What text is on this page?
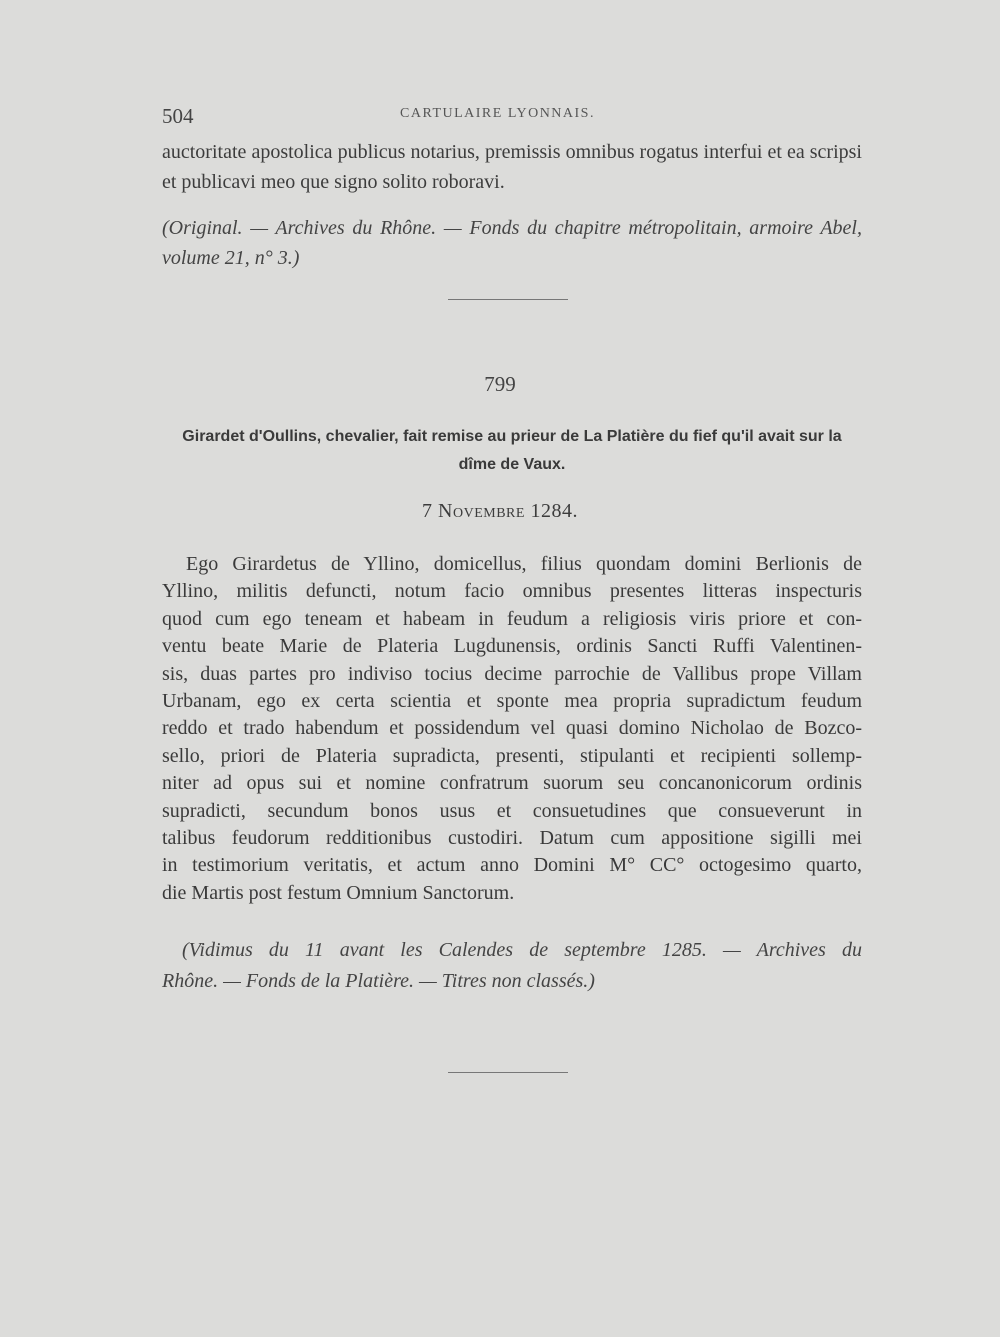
504	CARTULAIRE LYONNAIS.
auctoritate apostolica publicus notarius, premissis omnibus rogatus interfui et ea scripsi et publicavi meo que signo solito roboravi.
(Original. — Archives du Rhône. — Fonds du chapitre métropolitain, armoire Abel, volume 21, n° 3.)
799
Girardet d'Oullins, chevalier, fait remise au prieur de La Platière du fief qu'il avait sur la dîme de Vaux.
7 Novembre 1284.
Ego Girardetus de Yllino, domicellus, filius quondam domini Berlionis de
Yllino, militis defuncti, notum facio omnibus presentes litteras inspecturis
quod cum ego teneam et habeam in feudum a religiosis viris priore et con-
ventu beate Marie de Plateria Lugdunensis, ordinis Sancti Ruffi Valentinen-
sis, duas partes pro indiviso tocius decime parrochie de Vallibus prope Villam
Urbanam, ego ex certa scientia et sponte mea propria supradictum feudum
reddo et trado habendum et possidendum vel quasi domino Nicholao de Bozco-
sello, priori de Plateria supradicta, presenti, stipulanti et recipienti sollemp-
niter ad opus sui et nomine confratrum suorum seu concanonicorum ordinis
supradicti, secundum bonos usus et consuetudines que consueverunt in
talibus feudorum redditionibus custodiri. Datum cum appositione sigilli mei
in testimorium veritatis, et actum anno Domini M° CC° octogesimo quarto,
die Martis post festum Omnium Sanctorum.
(Vidimus du 11 avant les Calendes de septembre 1285. — Archives du
Rhône. — Fonds de la Platière. — Titres non classés.)
